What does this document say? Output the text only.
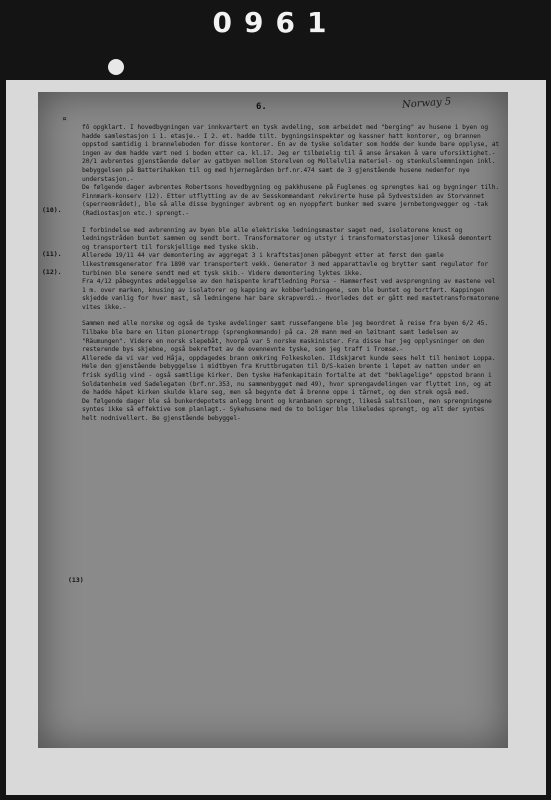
0961
6.	Norway 5
¤
(10).
(11).
(12).
(13)

fô opgklart. I hovedbygningen var innkvartert en tysk avdeling, som arbeidet med "berging" av husene i byen og hadde samlestasjon i 1. etasje.- I 2. et. hadde tilt. bygningsinspektør og kassner hatt kontorer, og brannen oppstod samtidig i branneleboden for disse kontorer. En av de tyske soldater som hodde der kunde bare opplyse, at ingen av dem hadde vært ned i boden etter ca. kl.17. Jeg er tilbøielig til å anse årsaken å være uforsiktighet.-

20/1 avbrentes gjenstående deler av gatbyen mellom Storelven og Mollelvlia materiel- og stenkulslemmningen inkl. bebyggelsen på Batterihakken til og med hjørnegården brf.nr.474 samt de 3 gjenstående husene nedenfor nye understasjon.-

De følgende dager avbrentes Robertsons hovedbygning og pakkhusene på Fuglenes og sprengtes kai og bygninger tilh. Finnmark-konserv (12). Etter utflytting av de av Sesskommandant rekvirerte huse på Sydvestsiden av Storvannet (sperreområdet), ble så alle disse bygninger avbrent og en nyoppført bunker med svære jernbetongvegger og -tak (Radiostasjon etc.) sprengt.-

I forbindelse med avbrenning av byen ble alle elektriske ledningsmaster saget ned, isolatorene knust og ledningstråden buntet sammen og sendt bort. Transformatorer og utstyr i transformatorstasjoner likeså demontert og transportert til forskjellige med tyske skib.

Allerede 19/11 44 var demontering av aggregat 3 i kraftstasjonen påbegynt etter at først den gamle likestrømsgenerator fra 1890 var transportert vekk. Generator 3 med apparattavle og brytter samt regulator for turbinen ble senere sendt med et tysk skib.- Videre demontering lyktes ikke.

Fra 4/12 påbegyntes ødeleggelse av den høispente kraftledning Porsa - Hammerfest ved avsprengning av mastene vel 1 m. over marken, knusing av isolatorer og kapping av kobberledningene, som ble buntet og bortført. Kappingen skjedde vanlig for hver mast, så ledningene har bare skrapverdi.- Hvorledes det er gått med mastetransformatorene vites ikke.-

Sammen med alle norske og også de tyske avdelinger samt russefangene ble jeg beordret å reise fra byen 6/2 45. Tilbake ble bare en liten pionertropp (sprengkommando) på ca. 20 mann med en løitnant samt ledelsen av "Räumungen". Videre en norsk slepebåt, hvorpå var 5 norske maskinister. Fra disse har jeg opplysninger om den resterende bys skjebne, også bekreftet av de ovennevnte tyske, som jeg traff i Tromsø.-

Allerede da vi var ved Håja, oppdagedes brann omkring Folkeskolen. Ildskjæret kunde sees helt til henimot Loppa. Hele den gjenstående bebyggelse i midtbyen fra Kruttbrugaten til D/S-kaien brente i løpet av natten under en frisk sydlig vind - også samtlige kirker. Den tyske Hafenkapitain fortalte at det "beklagelige" oppstod brann i Soldatenheim ved Sadelegaten (brf.nr.353, nu sammenbygget med 49), hvor sprengavdelingen var flyttet inn, og at de hadde håpet kirken skulde klare seg, men så begynte det å brenne oppe i tårnet, og den strek også med.

De følgende dager ble så bunkerdepotets anlegg brent og kranbanen sprengt, likeså saltsiloen, men sprengningene syntes ikke så effektive som planlagt.- Sykehusene med de to boliger ble likeledes sprengt, og alt der syntes helt nodnivellert. Be gjenstående bebyggel-
